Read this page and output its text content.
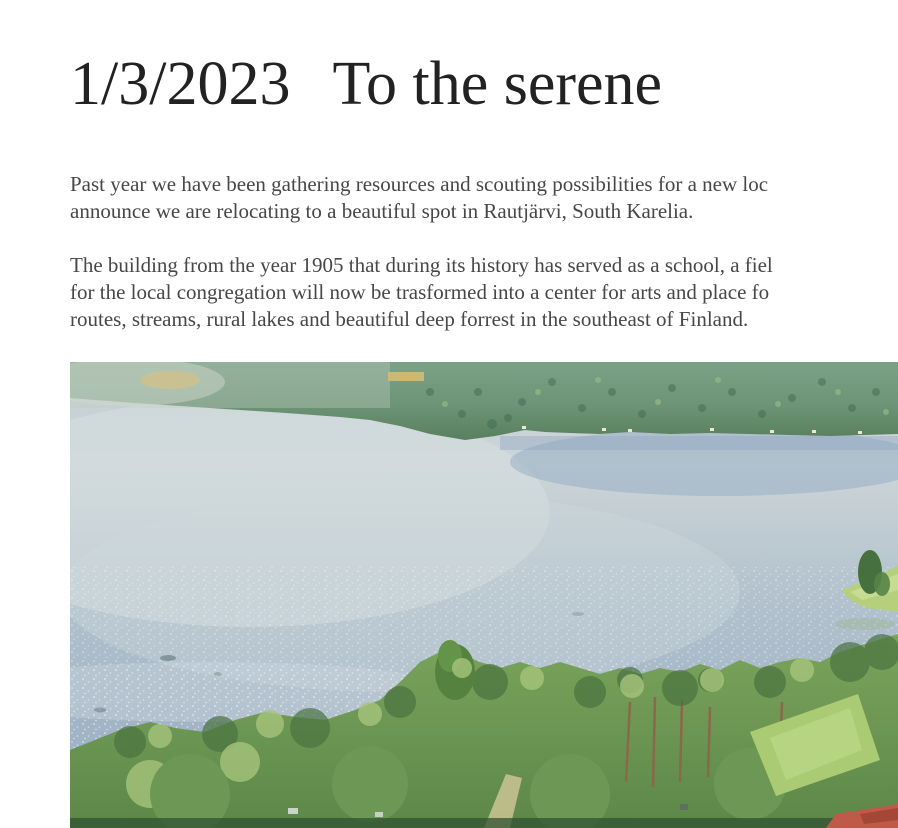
1/3/2023 To the serene

Past year we have been gathering resources and scouting possibilities for a new loc announce we are relocating to a beautiful spot in Rautjärvi, South Karelia.

The building from the year 1905 that during its history has served as a school, a fiel for the local congregation will now be trasformed into a center for arts and place fo routes, streams, rural lakes and beautiful deep forrest in the southeast of Finland.
